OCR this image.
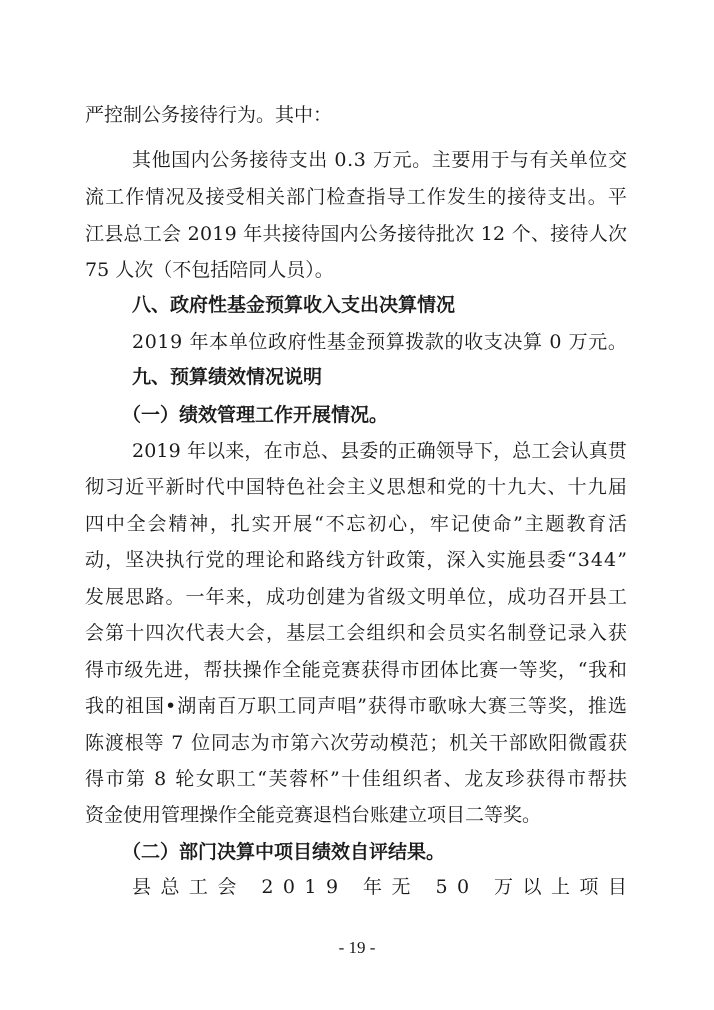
严控制公务接待行为。其中：
其他国内公务接待支出 0.3 万元。主要用于与有关单位交
流工作情况及接受相关部门检查指导工作发生的接待支出。平
江县总工会 2019 年共接待国内公务接待批次 12 个、接待人次
75 人次（不包括陪同人员）。
八、政府性基金预算收入支出决算情况
2019 年本单位政府性基金预算拨款的收支决算 0 万元。
九、预算绩效情况说明
（一）绩效管理工作开展情况。
2019 年以来，在市总、县委的正确领导下，总工会认真贯
彻习近平新时代中国特色社会主义思想和党的十九大、十九届
四中全会精神，扎实开展“不忘初心，牢记使命”主题教育活
动，坚决执行党的理论和路线方针政策，深入实施县委“344”
发展思路。一年来，成功创建为省级文明单位，成功召开县工
会第十四次代表大会，基层工会组织和会员实名制登记录入获
得市级先进，帮扶操作全能竞赛获得市团体比赛一等奖，“我和
我的祖国•湖南百万职工同声唱”获得市歌咏大赛三等奖，推选
陈渡根等 7 位同志为市第六次劳动模范；机关干部欧阳微霞获
得市第 8 轮女职工“芙蓉杯”十佳组织者、龙友珍获得市帮扶
资金使用管理操作全能竞赛退档台账建立项目二等奖。
（二）部门决算中项目绩效自评结果。
县总工会 2019 年无 50 万以上项目
- 19 -
